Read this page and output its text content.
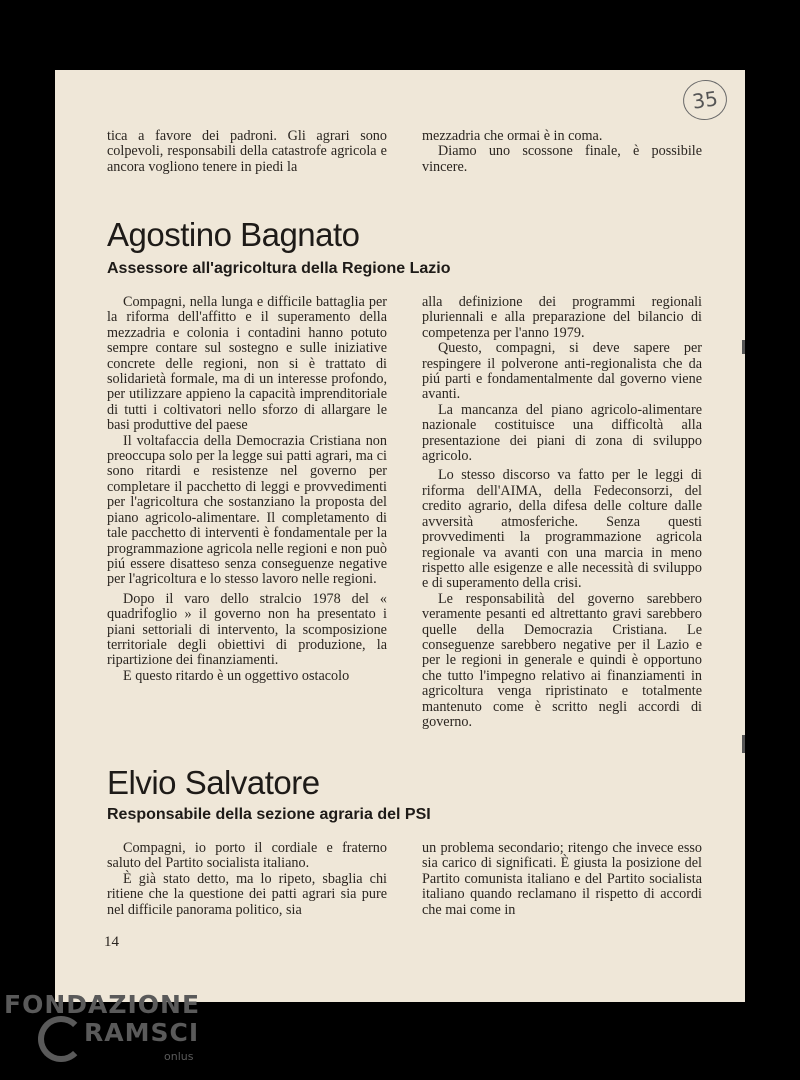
35

tica a favore dei padroni. Gli agrari sono colpevoli, responsabili della catastrofe agricola e ancora vogliono tenere in piedi la

mezzadria che ormai è in coma.

Diamo uno scossone finale, è possibile vincere.

Agostino Bagnato
Assessore all'agricoltura della Regione Lazio

Compagni, nella lunga e difficile battaglia per la riforma dell'affitto e il superamento della mezzadria e colonia i contadini hanno potuto sempre contare sul sostegno e sulle iniziative concrete delle regioni, non si è trattato di solidarietà formale, ma di un interesse profondo, per utilizzare appieno la capacità imprenditoriale di tutti i coltivatori nello sforzo di allargare le basi produttive del paese

Il voltafaccia della Democrazia Cristiana non preoccupa solo per la legge sui patti agrari, ma ci sono ritardi e resistenze nel governo per completare il pacchetto di leggi e provvedimenti per l'agricoltura che sostanziano la proposta del piano agricolo-alimentare. Il completamento di tale pacchetto di interventi è fondamentale per la programmazione agricola nelle regioni e non può piú essere disatteso senza conseguenze negative per l'agricoltura e lo stesso lavoro nelle regioni.

Dopo il varo dello stralcio 1978 del « quadrifoglio » il governo non ha presentato i piani settoriali di intervento, la scomposizione territoriale degli obiettivi di produzione, la ripartizione dei finanziamenti.

E questo ritardo è un oggettivo ostacolo

alla definizione dei programmi regionali pluriennali e alla preparazione del bilancio di competenza per l'anno 1979.

Questo, compagni, si deve sapere per respingere il polverone anti-regionalista che da piú parti e fondamentalmente dal governo viene avanti.

La mancanza del piano agricolo-alimentare nazionale costituisce una difficoltà alla presentazione dei piani di zona di sviluppo agricolo.

Lo stesso discorso va fatto per le leggi di riforma dell'AIMA, della Fedeconsorzi, del credito agrario, della difesa delle colture dalle avversità atmosferiche. Senza questi provvedimenti la programmazione agricola regionale va avanti con una marcia in meno rispetto alle esigenze e alle necessità di sviluppo e di superamento della crisi.

Le responsabilità del governo sarebbero veramente pesanti ed altrettanto gravi sarebbero quelle della Democrazia Cristiana. Le conseguenze sarebbero negative per il Lazio e per le regioni in generale e quindi è opportuno che tutto l'impegno relativo ai finanziamenti in agricoltura venga ripristinato e totalmente mantenuto come è scritto negli accordi di governo.

Elvio Salvatore
Responsabile della sezione agraria del PSI

Compagni, io porto il cordiale e fraterno saluto del Partito socialista italiano.

È già stato detto, ma lo ripeto, sbaglia chi ritiene che la questione dei patti agrari sia pure nel difficile panorama politico, sia

un problema secondario; ritengo che invece esso sia carico di significati. È giusta la posizione del Partito comunista italiano e del Partito socialista italiano quando reclamano il rispetto di accordi che mai come in

14
FONDAZIONE
RAMSCI
onlus
